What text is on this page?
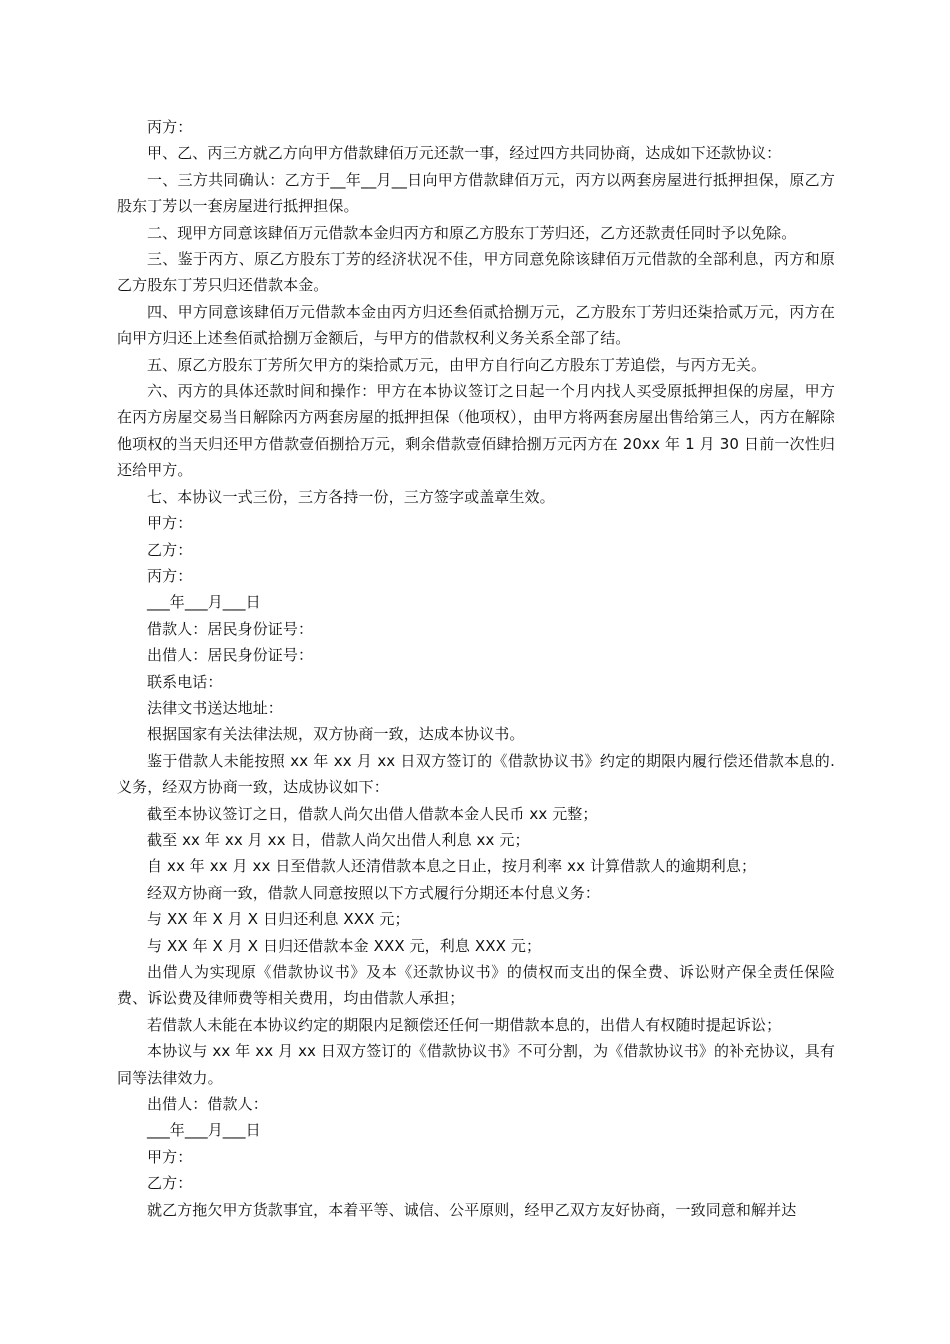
丙方：

甲、乙、丙三方就乙方向甲方借款肆佰万元还款一事，经过四方共同协商，达成如下还款协议：

一、三方共同确认：乙方于__年__月__日向甲方借款肆佰万元，丙方以两套房屋进行抵押担保，原乙方股东丁芳以一套房屋进行抵押担保。

二、现甲方同意该肆佰万元借款本金归丙方和原乙方股东丁芳归还，乙方还款责任同时予以免除。

三、鉴于丙方、原乙方股东丁芳的经济状况不佳，甲方同意免除该肆佰万元借款的全部利息，丙方和原乙方股东丁芳只归还借款本金。

四、甲方同意该肆佰万元借款本金由丙方归还叁佰贰拾捌万元，乙方股东丁芳归还柒拾贰万元，丙方在向甲方归还上述叁佰贰拾捌万金额后，与甲方的借款权利义务关系全部了结。

五、原乙方股东丁芳所欠甲方的柒拾贰万元，由甲方自行向乙方股东丁芳追偿，与丙方无关。

六、丙方的具体还款时间和操作：甲方在本协议签订之日起一个月内找人买受原抵押担保的房屋，甲方在丙方房屋交易当日解除丙方两套房屋的抵押担保（他项权），由甲方将两套房屋出售给第三人，丙方在解除他项权的当天归还甲方借款壹佰捌拾万元，剩余借款壹佰肆拾捌万元丙方在 20xx 年 1 月 30 日前一次性归还给甲方。

七、本协议一式三份，三方各持一份，三方签字或盖章生效。

甲方：

乙方：

丙方：

___年___月___日

借款人：居民身份证号：

出借人：居民身份证号：

联系电话：

法律文书送达地址：

根据国家有关法律法规，双方协商一致，达成本协议书。

鉴于借款人未能按照 xx 年 xx 月 xx 日双方签订的《借款协议书》约定的期限内履行偿还借款本息的.义务，经双方协商一致，达成协议如下：

截至本协议签订之日，借款人尚欠出借人借款本金人民币 xx 元整；

截至 xx 年 xx 月 xx 日，借款人尚欠出借人利息 xx 元；

自 xx 年 xx 月 xx 日至借款人还清借款本息之日止，按月利率 xx 计算借款人的逾期利息；

经双方协商一致，借款人同意按照以下方式履行分期还本付息义务：

与 XX 年 X 月 X 日归还利息 XXX 元；

与 XX 年 X 月 X 日归还借款本金 XXX 元，利息 XXX 元；

出借人为实现原《借款协议书》及本《还款协议书》的债权而支出的保全费、诉讼财产保全责任保险费、诉讼费及律师费等相关费用，均由借款人承担；

若借款人未能在本协议约定的期限内足额偿还任何一期借款本息的，出借人有权随时提起诉讼；

本协议与 xx 年 xx 月 xx 日双方签订的《借款协议书》不可分割，为《借款协议书》的补充协议，具有同等法律效力。

出借人：借款人：

___年___月___日

甲方：

乙方：

就乙方拖欠甲方货款事宜，本着平等、诚信、公平原则，经甲乙双方友好协商，一致同意和解并达
